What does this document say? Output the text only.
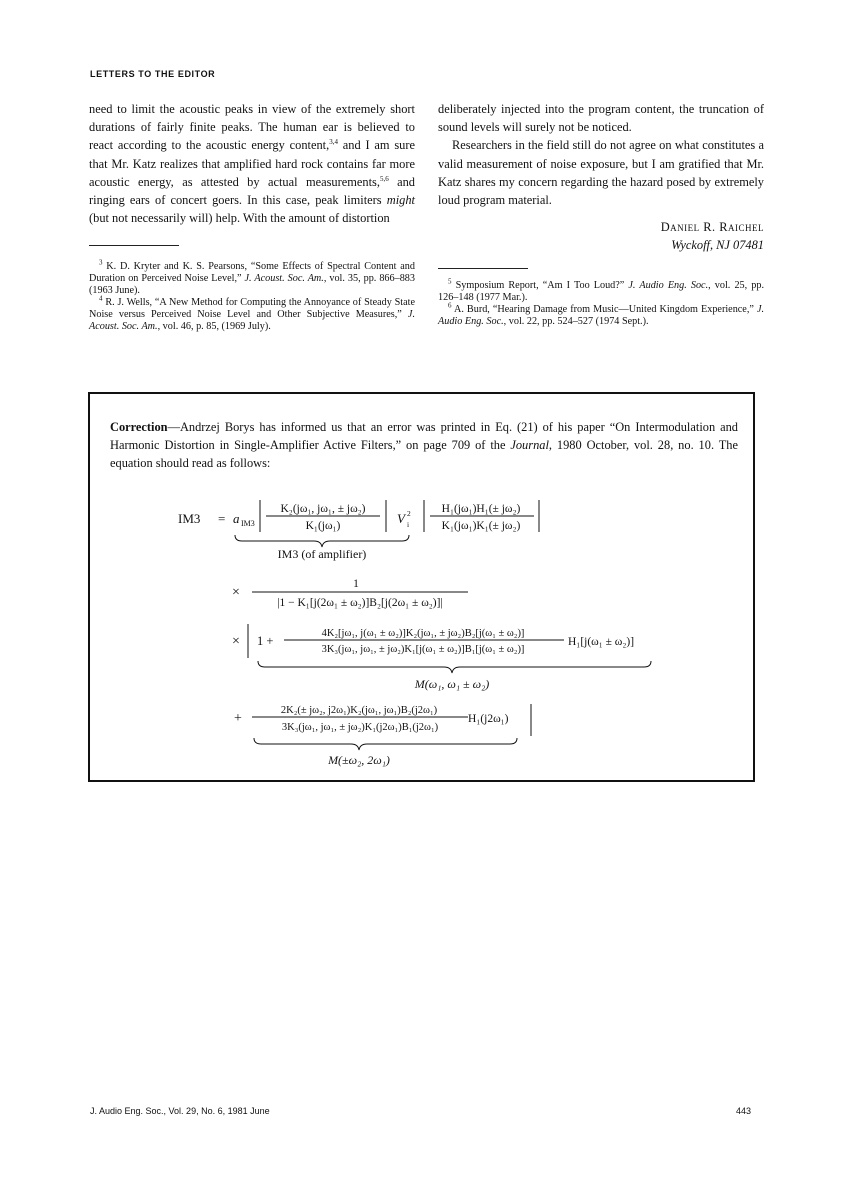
LETTERS TO THE EDITOR

need to limit the acoustic peaks in view of the extremely short durations of fairly finite peaks. The human ear is believed to react according to the acoustic energy content,$^{3,4}$ and I am sure that Mr. Katz realizes that amplified hard rock contains far more acoustic energy, as attested by actual measurements,$^{5,6}$ and ringing ears of concert goers. In this case, peak limiters might (but not necessarily will) help. With the amount of distortion

deliberately injected into the program content, the truncation of sound levels will surely not be noticed.

Researchers in the field still do not agree on what constitutes a valid measurement of noise exposure, but I am gratified that Mr. Katz shares my concern regarding the hazard posed by extremely loud program material.

Daniel R. Raichel
Wyckoff, NJ 07481

$^3$ K. D. Kryter and K. S. Pearsons, “Some Effects of Spectral Content and Duration on Perceived Noise Level,” J. Acoust. Soc. Am., vol. 35, pp. 866–883 (1963 June).

$^4$ R. J. Wells, “A New Method for Computing the Annoyance of Steady State Noise versus Perceived Noise Level and Other Subjective Measures,” J. Acoust. Soc. Am., vol. 46, p. 85, (1969 July).

$^5$ Symposium Report, “Am I Too Loud?” J. Audio Eng. Soc., vol. 25, pp. 126–148 (1977 Mar.).

$^6$ A. Burd, “Hearing Damage from Music—United Kingdom Experience,” J. Audio Eng. Soc., vol. 22, pp. 524–527 (1974 Sept.).

Correction—Andrzej Borys has informed us that an error was printed in Eq. (21) of his paper “On Intermodulation and Harmonic Distortion in Single-Amplifier Active Filters,” on page 709 of the Journal, 1980 October, vol. 28, no. 10. The equation should read as follows:
IM3 = a IM3
K₂(jω₁, jω₁, ± jω₂)
K₁(jω₁)	V 2
i
H₁(jω₁)H₁(± jω₂)
K₁(jω₁)K₁(± jω₂)
IM3 (of amplifier)
×
1
|1 − K₁[j(2ω₁ ± ω₂)]B₂[j(2ω₁ ± ω₂)]|
× 1 +
4K₂[jω₁, j(ω₁ ± ω₂)]K₂(jω₁, ± jω₂)B₂[j(ω₁ ± ω₂)]
3K₃(jω₁, jω₁, ± jω₂)K₁[j(ω₁ ± ω₂)]B₁[j(ω₁ ± ω₂)]
H₁[j(ω₁ ± ω₂)]
M(ω₁, ω₁ ± ω₂)
+
2K₂(± jω₂, j2ω₁)K₂(jω₁, jω₁)B₂(j2ω₁)
3K₃(jω₁, jω₁, ± jω₂)K₁(j2ω₁)B₁(j2ω₁)
H₁(j2ω₁)
M(±ω₂, 2ω₁)
J. Audio Eng. Soc., Vol. 29, No. 6, 1981 June	443
